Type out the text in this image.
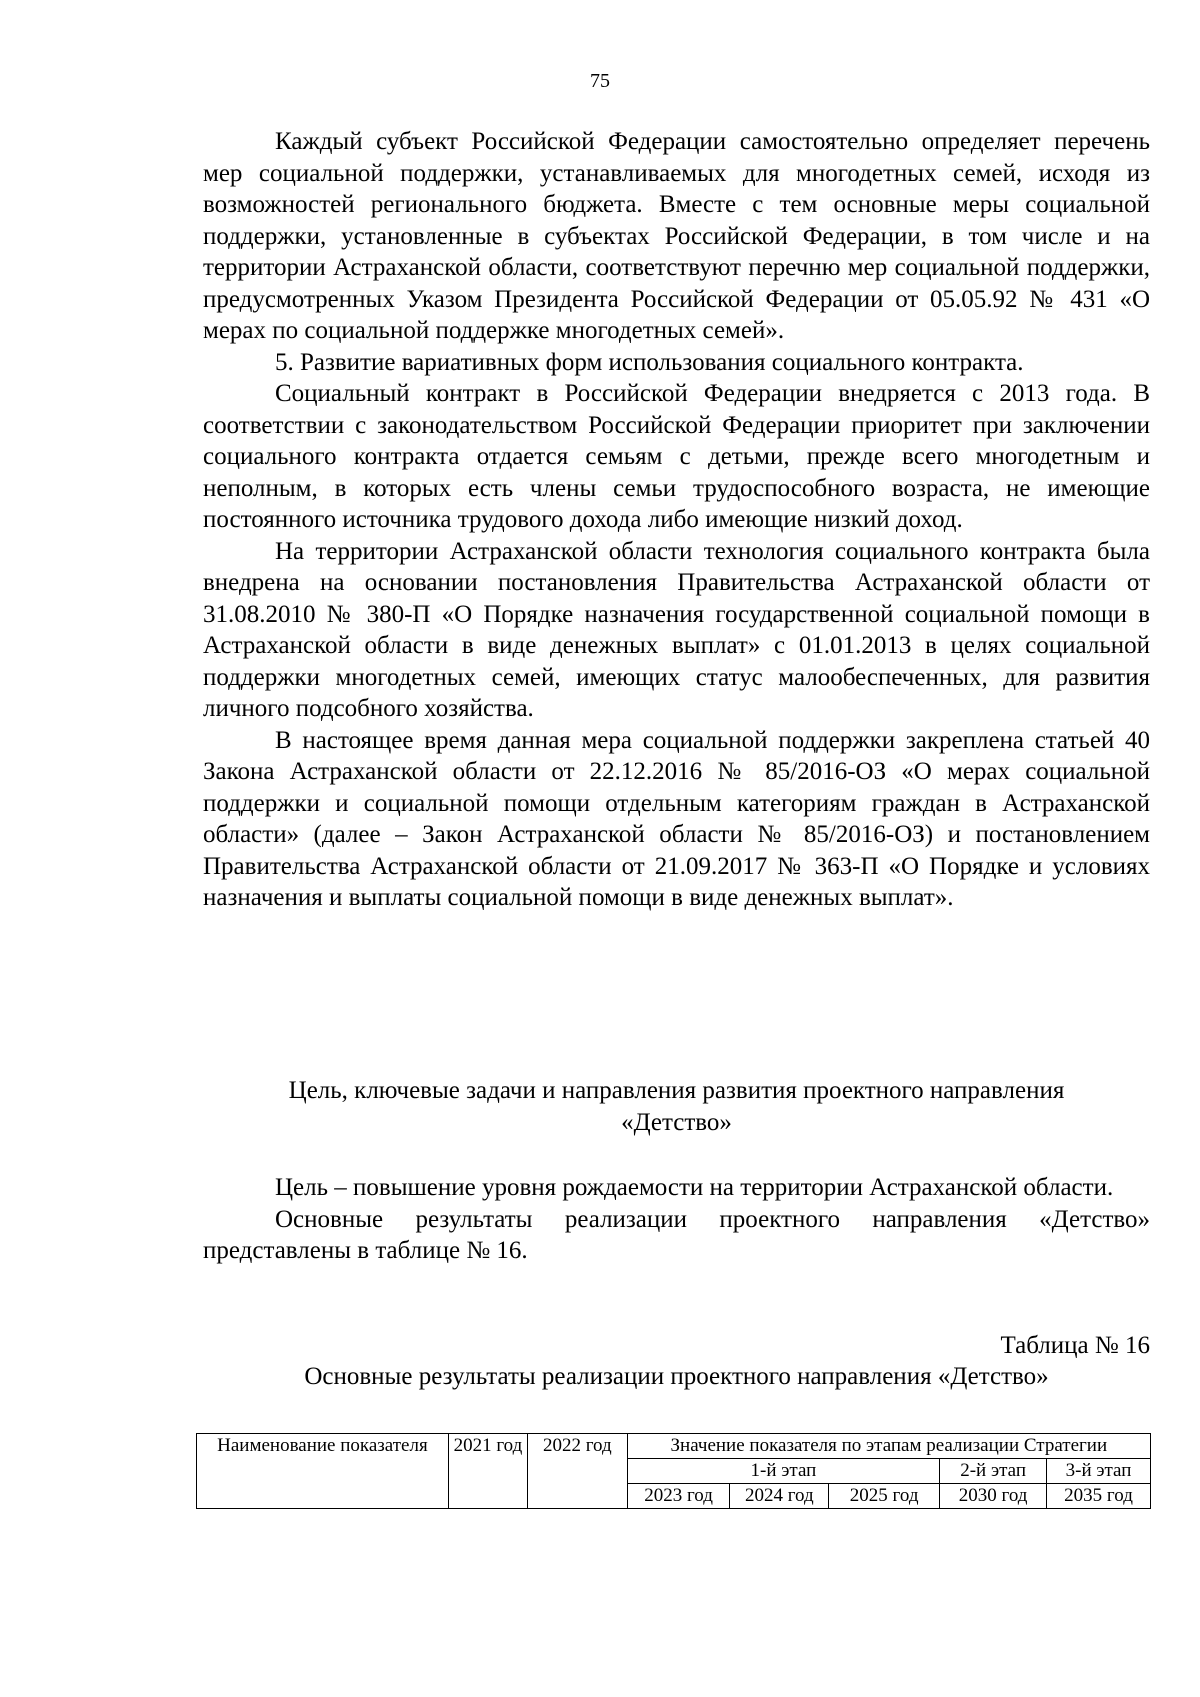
75

Каждый субъект Российской Федерации самостоятельно определяет перечень мер социальной поддержки, устанавливаемых для многодетных семей, исходя из возможностей регионального бюджета. Вместе с тем основные меры социальной поддержки, установленные в субъектах Российской Федерации, в том числе и на территории Астраханской области, соответствуют перечню мер социальной поддержки, предусмотренных Указом Президента Российской Федерации от 05.05.92 № 431 «О мерах по социальной поддержке многодетных семей».

5. Развитие вариативных форм использования социального контракта.

Социальный контракт в Российской Федерации внедряется с 2013 года. В соответствии с законодательством Российской Федерации приоритет при заключении социального контракта отдается семьям с детьми, прежде всего многодетным и неполным, в которых есть члены семьи трудоспособного возраста, не имеющие постоянного источника трудового дохода либо имеющие низкий доход.

На территории Астраханской области технология социального контракта была внедрена на основании постановления Правительства Астраханской области от 31.08.2010 № 380-П «О Порядке назначения государственной социальной помощи в Астраханской области в виде денежных выплат» с 01.01.2013 в целях социальной поддержки многодетных семей, имеющих статус малообеспеченных, для развития личного подсобного хозяйства.

В настоящее время данная мера социальной поддержки закреплена статьей 40 Закона Астраханской области от 22.12.2016 № 85/2016-ОЗ «О мерах социальной поддержки и социальной помощи отдельным категориям граждан в Астраханской области» (далее – Закон Астраханской области № 85/2016-ОЗ) и постановлением Правительства Астраханской области от 21.09.2017 № 363-П «О Порядке и условиях назначения и выплаты социальной помощи в виде денежных выплат».

Цель, ключевые задачи и направления развития проектного направления
«Детство»

Цель – повышение уровня рождаемости на территории Астраханской области.

Основные результаты реализации проектного направления «Детство» представлены в таблице № 16.

Таблица № 16
Основные результаты реализации проектного направления «Детство»
Наименование показателя	2021 год	2022 год	Значение показателя по этапам реализации Стратегии				
			1-й этап			2-й этап	3-й этап
			2023 год	2024 год	2025 год	2030 год	2035 год
